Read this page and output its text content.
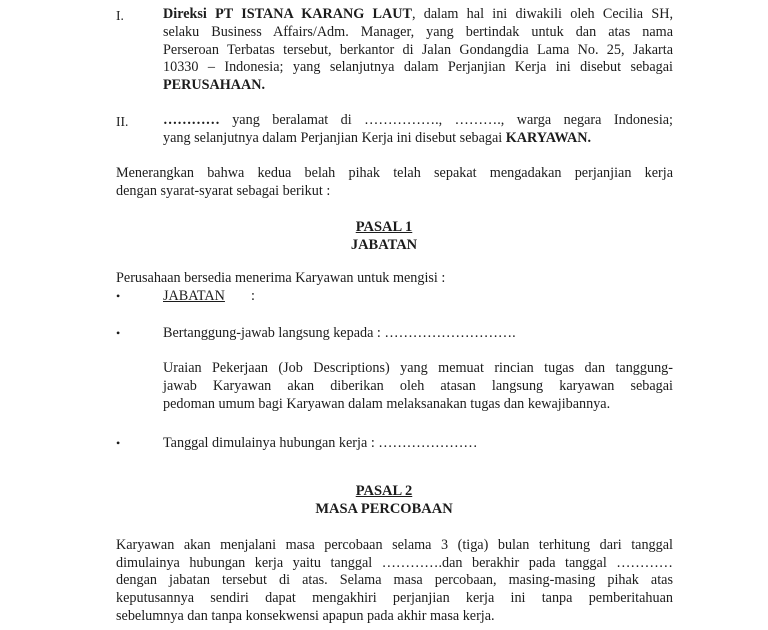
I.	Direksi PT ISTANA KARANG LAUT, dalam hal ini diwakili oleh Cecilia SH,
selaku Business Affairs/Adm. Manager, yang bertindak untuk dan atas nama
Perseroan Terbatas tersebut, berkantor di Jalan Gondangdia Lama No. 25, Jakarta
10330 – Indonesia; yang selanjutnya dalam Perjanjian Kerja ini disebut sebagai
PERUSAHAAN.
II. ………… yang beralamat di ……………., ………., warga negara Indonesia;
yang selanjutnya dalam Perjanjian Kerja ini disebut sebagai KARYAWAN.
Menerangkan bahwa kedua belah pihak telah sepakat mengadakan perjanjian kerja
dengan syarat-syarat sebagai berikut :
PASAL 1
JABATAN
Perusahaan bersedia menerima Karyawan untuk mengisi :
•	JABATAN :
•	Bertanggung-jawab langsung kepada : ……………………….
Uraian Pekerjaan (Job Descriptions) yang memuat rincian tugas dan tanggung-
jawab Karyawan akan diberikan oleh atasan langsung karyawan sebagai
pedoman umum bagi Karyawan dalam melaksanakan tugas dan kewajibannya.
•	Tanggal dimulainya hubungan kerja : …………………
PASAL 2
MASA PERCOBAAN
Karyawan akan menjalani masa percobaan selama 3 (tiga) bulan terhitung dari tanggal
dimulainya hubungan kerja yaitu tanggal ………….dan berakhir pada tanggal …………
dengan jabatan tersebut di atas. Selama masa percobaan, masing-masing pihak atas
keputusannya sendiri dapat mengakhiri perjanjian kerja ini tanpa pemberitahuan
sebelumnya dan tanpa konsekwensi apapun pada akhir masa kerja.
